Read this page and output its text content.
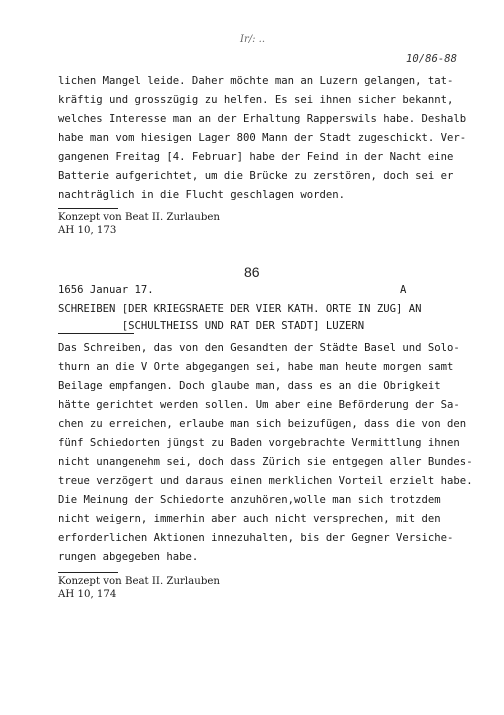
Ir/: ..
10/86-88
lichen Mangel leide. Daher möchte man an Luzern gelangen, tat-
kräftig und grosszügig zu helfen. Es sei ihnen sicher bekannt,
welches Interesse man an der Erhaltung Rapperswils habe. Deshalb
habe man vom hiesigen Lager 800 Mann der Stadt zugeschickt. Ver-
gangenen Freitag [4. Februar] habe der Feind in der Nacht eine
Batterie aufgerichtet, um die Brücke zu zerstören, doch sei er
nachträglich in die Flucht geschlagen worden.
Konzept von Beat II. Zurlauben
AH 10, 173
86
1656 Januar 17.	A
SCHREIBEN [DER KRIEGSRAETE DER VIER KATH. ORTE IN ZUG] AN
[SCHULTHEISS UND RAT DER STADT] LUZERN
Das Schreiben, das von den Gesandten der Städte Basel und Solo-
thurn an die V Orte abgegangen sei, habe man heute morgen samt
Beilage empfangen. Doch glaube man, dass es an die Obrigkeit
hätte gerichtet werden sollen. Um aber eine Beförderung der Sa-
chen zu erreichen, erlaube man sich beizufügen, dass die von den
fünf Schiedorten jüngst zu Baden vorgebrachte Vermittlung ihnen
nicht unangenehm sei, doch dass Zürich sie entgegen aller Bundes-
treue verzögert und daraus einen merklichen Vorteil erzielt habe.
Die Meinung der Schiedorte anzuhören,wolle man sich trotzdem
nicht weigern, immerhin aber auch nicht versprechen, mit den
erforderlichen Aktionen innezuhalten, bis der Gegner Versiche-
rungen abgegeben habe.
Konzept von Beat II. Zurlauben
AH 10, 174
